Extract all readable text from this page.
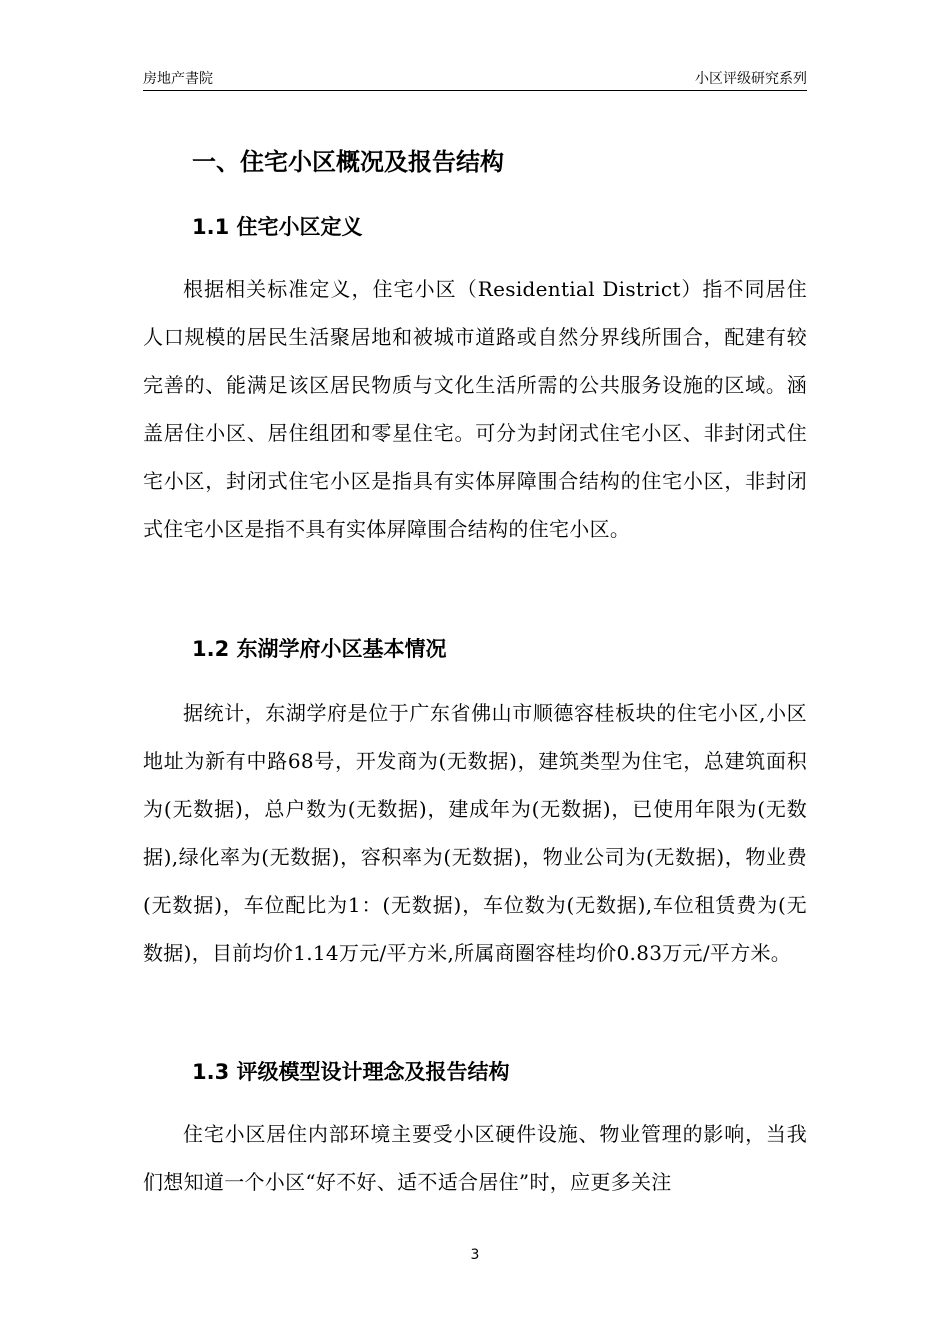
房地产書院	小区评级研究系列
一、住宅小区概况及报告结构
1.1 住宅小区定义

根据相关标准定义，住宅小区（Residential District）指不同居住人口规模的居民生活聚居地和被城市道路或自然分界线所围合，配建有较完善的、能满足该区居民物质与文化生活所需的公共服务设施的区域。涵盖居住小区、居住组团和零星住宅。可分为封闭式住宅小区、非封闭式住宅小区，封闭式住宅小区是指具有实体屏障围合结构的住宅小区，非封闭式住宅小区是指不具有实体屏障围合结构的住宅小区。

1.2 东湖学府小区基本情况

据统计，东湖学府是位于广东省佛山市顺德容桂板块的住宅小区,小区地址为新有中路68号，开发商为(无数据)，建筑类型为住宅，总建筑面积为(无数据)，总户数为(无数据)，建成年为(无数据)，已使用年限为(无数据),绿化率为(无数据)，容积率为(无数据)，物业公司为(无数据)，物业费(无数据)，车位配比为1：(无数据)，车位数为(无数据),车位租赁费为(无数据)，目前均价1.14万元/平方米,所属商圈容桂均价0.83万元/平方米。

1.3 评级模型设计理念及报告结构

住宅小区居住内部环境主要受小区硬件设施、物业管理的影响，当我们想知道一个小区“好不好、适不适合居住”时，应更多关注

3
